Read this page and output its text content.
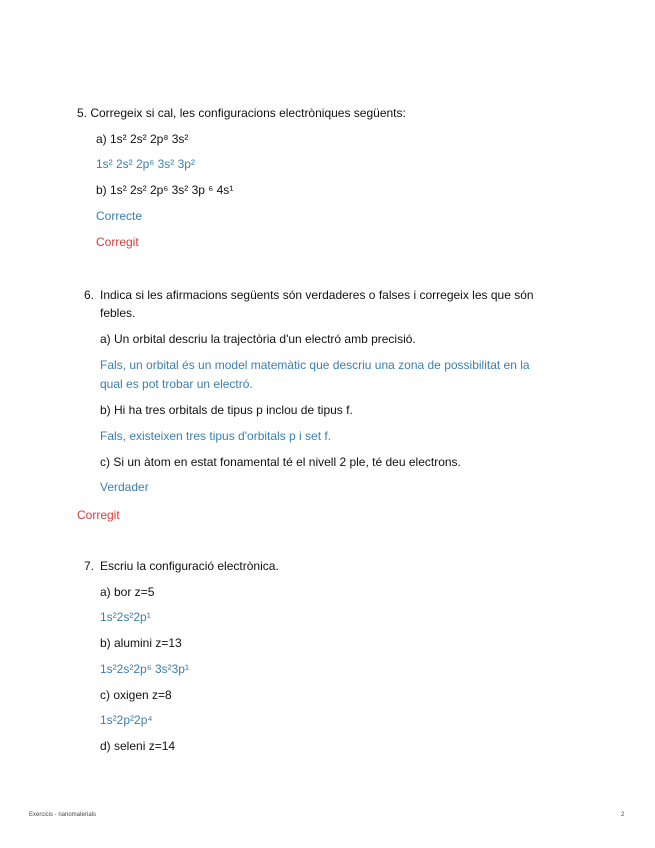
5. Corregeix si cal, les configuracions electròniques següents:
a) 1s² 2s² 2p⁸ 3s²
1s² 2s² 2p⁶ 3s² 3p²
b) 1s² 2s² 2p⁶ 3s² 3p ⁶ 4s¹
Correcte
Corregit
6. Indica si les afirmacions següents són verdaderes o falses i corregeix les que són
febles.
a) Un orbital descriu la trajectòria d'un electró amb precisió.
Fals, un orbital és un model matemàtic que descriu una zona de possibilitat en la
qual es pot trobar un electró.
b) Hi ha tres orbitals de tipus p inclou de tipus f.
Fals, existeixen tres tipus d'orbitals p i set f.
c) Si un àtom en estat fonamental té el nivell 2 ple, té deu electrons.
Verdader
Corregit
7. Escriu la configuració electrònica.
a) bor z=5
1s²2s²2p¹
b) alumini z=13
1s²2s²2p⁶ 3s²3p¹
c) oxigen z=8
1s²2p²2p⁴
d) seleni z=14
Exercicis - nanomaterials	2
